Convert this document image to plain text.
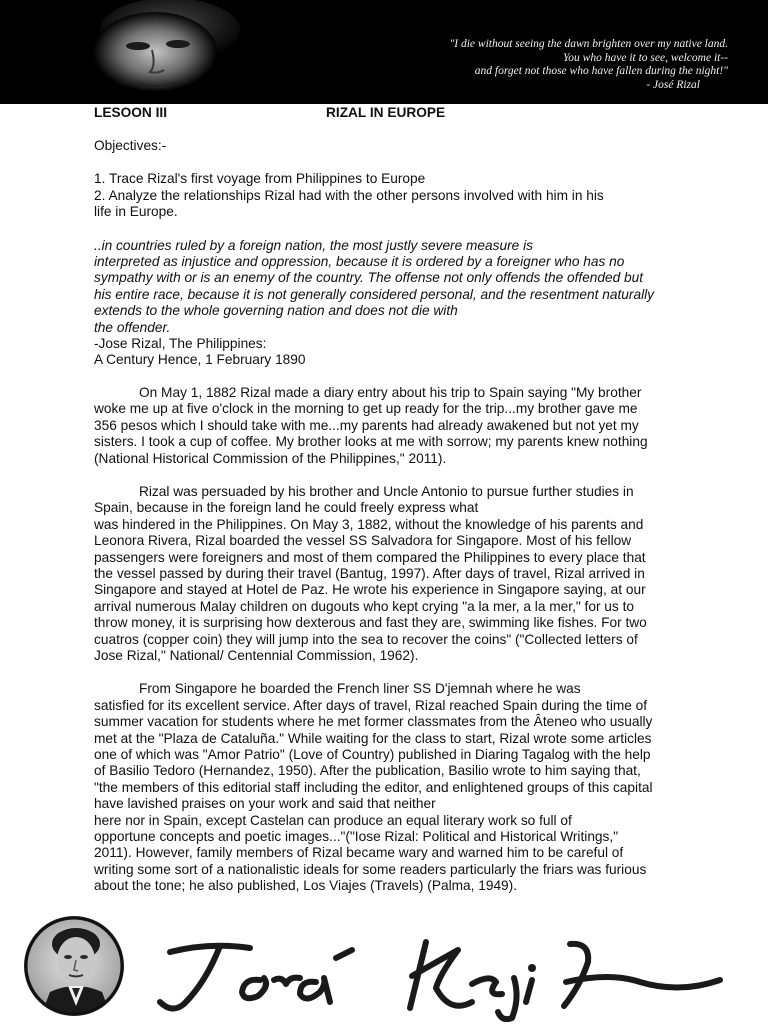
"I die without seeing the dawn brighten over my native land.
You who have it to see, welcome it--
and forget not those who have fallen during the night!"

- José Rizal
LESOON III	RIZAL IN EUROPE

Objectives:-

1. Trace Rizal's first voyage from Philippines to Europe

2. Analyze the relationships Rizal had with the other persons involved with him in his

life in Europe.

..in countries ruled by a foreign nation, the most justly severe measure is

interpreted as injustice and oppression, because it is ordered by a foreigner who has no

sympathy with or is an enemy of the country. The offense not only offends the offended but

his entire race, because it is not generally considered personal, and the resentment naturally

extends to the whole governing nation and does not die with

the offender.

-Jose Rizal, The Philippines:

A Century Hence, 1 February 1890

On May 1, 1882 Rizal made a diary entry about his trip to Spain saying "My brother

woke me up at five o'clock in the morning to get up ready for the trip...my brother gave me

356 pesos which I should take with me...my parents had already awakened but not yet my

sisters. I took a cup of coffee. My brother looks at me with sorrow; my parents knew nothing

(National Historical Commission of the Philippines," 2011).

Rizal was persuaded by his brother and Uncle Antonio to pursue further studies in

Spain, because in the foreign land he could freely express what

was hindered in the Philippines. On May 3, 1882, without the knowledge of his parents and

Leonora Rivera, Rizal boarded the vessel SS Salvadora for Singapore. Most of his fellow

passengers were foreigners and most of them compared the Philippines to every place that

the vessel passed by during their travel (Bantug, 1997). After days of travel, Rizal arrived in

Singapore and stayed at Hotel de Paz. He wrote his experience in Singapore saying, at our

arrival numerous Malay children on dugouts who kept crying "a la mer, a la mer," for us to

throw money, it is surprising how dexterous and fast they are, swimming like fishes. For two

cuatros (copper coin) they will jump into the sea to recover the coins" ("Collected letters of

Jose Rizal," National/ Centennial Commission, 1962).

From Singapore he boarded the French liner SS D'jemnah where he was

satisfied for its excellent service. After days of travel, Rizal reached Spain during the time of

summer vacation for students where he met former classmates from the Âteneo who usually

met at the "Plaza de Cataluña." While waiting for the class to start, Rizal wrote some articles

one of which was "Amor Patrio" (Love of Country) published in Diaring Tagalog with the help

of Basilio Tedoro (Hernandez, 1950). After the publication, Basilio wrote to him saying that,

"the members of this editorial staff including the editor, and enlightened groups of this capital

have lavished praises on your work and said that neither

here nor in Spain, except Castelan can produce an equal literary work so full of

opportune concepts and poetic images..."("Iose Rizal: Political and Historical Writings,"

2011). However, family members of Rizal became wary and warned him to be careful of

writing some sort of a nationalistic ideals for some readers particularly the friars was furious

about the tone; he also published, Los Viajes (Travels) (Palma, 1949).
